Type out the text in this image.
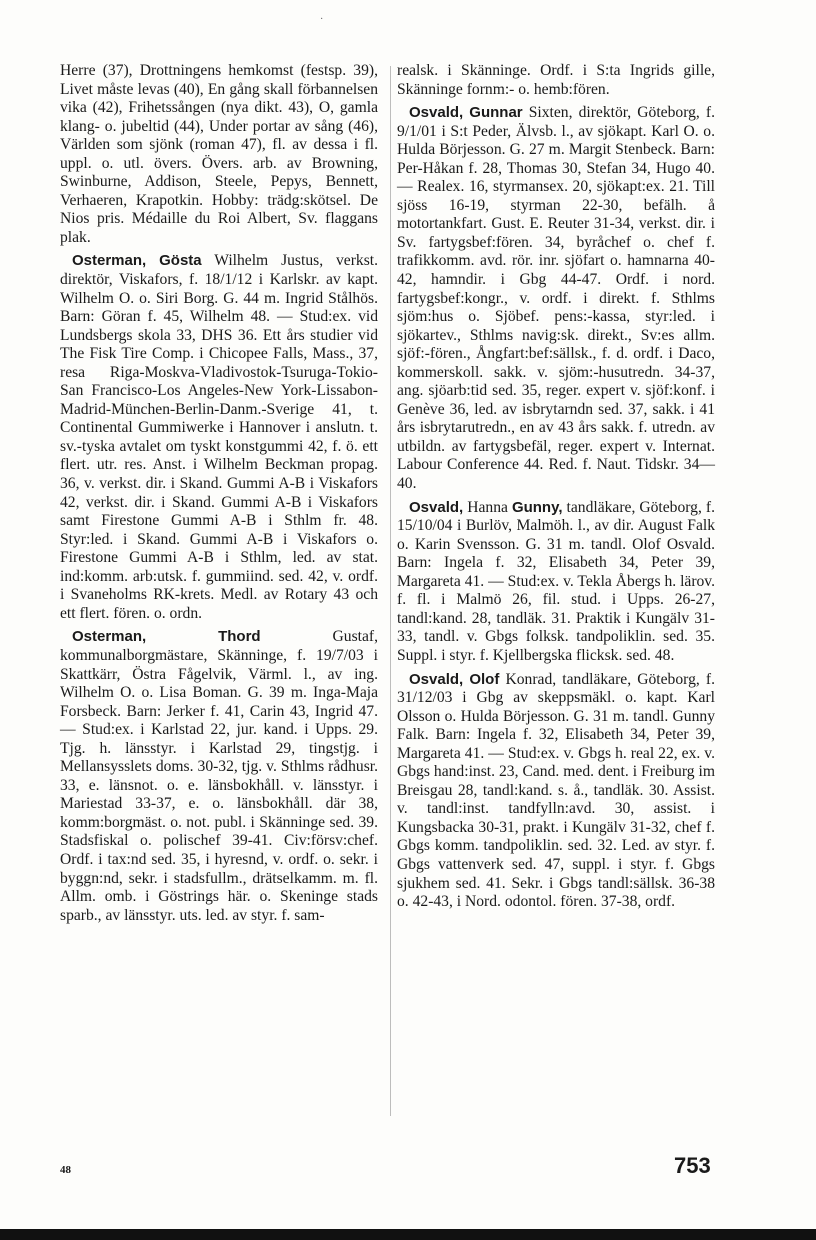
·

Herre (37), Drottningens hemkomst (festsp. 39), Livet måste levas (40), En gång skall förbannelsen vika (42), Frihetssången (nya dikt. 43), O, gamla klang- o. jubeltid (44), Under portar av sång (46), Världen som sjönk (roman 47), fl. av dessa i fl. uppl. o. utl. övers. Övers. arb. av Browning, Swinburne, Addison, Steele, Pepys, Bennett, Verhaeren, Krapotkin. Hobby: trädg:skötsel. De Nios pris. Médaille du Roi Albert, Sv. flaggans plak.

Osterman, Gösta Wilhelm Justus, verkst. direktör, Viskafors, f. 18/1/12 i Karlskr. av kapt. Wilhelm O. o. Siri Borg. G. 44 m. Ingrid Stålhös. Barn: Göran f. 45, Wilhelm 48. — Stud:ex. vid Lundsbergs skola 33, DHS 36. Ett års studier vid The Fisk Tire Comp. i Chicopee Falls, Mass., 37, resa Riga-Moskva-Vladivostok-Tsuruga-Tokio-San Francisco-Los Angeles-New York-Lissabon-Madrid-München-Berlin-Danm.-Sverige 41, t. Continental Gummiwerke i Hannover i anslutn. t. sv.-tyska avtalet om tyskt konstgummi 42, f. ö. ett flert. utr. res. Anst. i Wilhelm Beckman propag. 36, v. verkst. dir. i Skand. Gummi A-B i Viskafors 42, verkst. dir. i Skand. Gummi A-B i Viskafors samt Firestone Gummi A-B i Sthlm fr. 48. Styr:led. i Skand. Gummi A-B i Viskafors o. Firestone Gummi A-B i Sthlm, led. av stat. ind:komm. arb:utsk. f. gummiind. sed. 42, v. ordf. i Svaneholms RK-krets. Medl. av Rotary 43 och ett flert. fören. o. ordn.

Osterman,	Thord Gustaf, kommunalborgmästare, Skänninge, f. 19/7/03 i Skattkärr, Östra Fågelvik, Värml. l., av ing. Wilhelm O. o. Lisa Boman. G. 39 m. Inga-Maja Forsbeck. Barn: Jerker f. 41, Carin 43, Ingrid 47. — Stud:ex. i Karlstad 22, jur. kand. i Upps. 29. Tjg. h. länsstyr. i Karlstad 29, tingstjg. i Mellansysslets doms. 30-32, tjg. v. Sthlms rådhusr. 33, e. länsnot. o. e. länsbokhåll. v. länsstyr. i Mariestad 33-37, e. o. länsbokhåll. där 38, komm:borgmäst. o. not. publ. i Skänninge sed. 39. Stadsfiskal o. polischef 39-41. Civ:försv:chef. Ordf. i tax:nd sed. 35, i hyresnd, v. ordf. o. sekr. i byggn:nd, sekr. i stadsfullm., drätselkamm. m. fl. Allm. omb. i Göstrings här. o. Skeninge stads sparb., av länsstyr. uts. led. av styr. f. sam-

realsk. i Skänninge. Ordf. i S:ta Ingrids gille, Skänninge fornm:- o. hemb:fören.

Osvald, Gunnar Sixten, direktör, Göteborg, f. 9/1/01 i S:t Peder, Älvsb. l., av sjökapt. Karl O. o. Hulda Börjesson. G. 27 m. Margit Stenbeck. Barn: Per-Håkan f. 28, Thomas 30, Stefan 34, Hugo 40. — Realex. 16, styrmansex. 20, sjökapt:ex. 21. Till sjöss 16-19, styrman 22-30, befälh. å motortankfart. Gust. E. Reuter 31-34, verkst. dir. i Sv. fartygsbef:fören. 34, byråchef o. chef f. trafikkomm. avd. rör. inr. sjöfart o. hamnarna 40-42, hamndir. i Gbg 44-47. Ordf. i nord. fartygsbef:kongr., v. ordf. i direkt. f. Sthlms sjöm:hus o. Sjöbef. pens:-kassa, styr:led. i sjökartev., Sthlms navig:sk. direkt., Sv:es allm. sjöf:-fören., Ångfart:bef:sällsk., f. d. ordf. i Daco, kommerskoll. sakk. v. sjöm:-husutredn. 34-37, ang. sjöarb:tid sed. 35, reger. expert v. sjöf:konf. i Genève 36, led. av isbrytarndn sed. 37, sakk. i 41 års isbrytarutredn., en av 43 års sakk. f. utredn. av utbildn. av fartygsbefäl, reger. expert v. Internat. Labour Conference 44. Red. f. Naut. Tidskr. 34—40.

Osvald, Hanna Gunny, tandläkare, Göteborg, f. 15/10/04 i Burlöv, Malmöh. l., av dir. August Falk o. Karin Svensson. G. 31 m. tandl. Olof Osvald. Barn: Ingela f. 32, Elisabeth 34, Peter 39, Margareta 41. — Stud:ex. v. Tekla Åbergs h. lärov. f. fl. i Malmö 26, fil. stud. i Upps. 26-27, tandl:kand. 28, tandläk. 31. Praktik i Kungälv 31-33, tandl. v. Gbgs folksk. tandpoliklin. sed. 35. Suppl. i styr. f. Kjellbergska flicksk. sed. 48.

Osvald, Olof Konrad, tandläkare, Göteborg, f. 31/12/03 i Gbg av skeppsmäkl. o. kapt. Karl Olsson o. Hulda Börjesson. G. 31 m. tandl. Gunny Falk. Barn: Ingela f. 32, Elisabeth 34, Peter 39, Margareta 41. — Stud:ex. v. Gbgs h. real 22, ex. v. Gbgs hand:inst. 23, Cand. med. dent. i Freiburg im Breisgau 28, tandl:kand. s. å., tandläk. 30. Assist. v. tandl:inst. tandfylln:avd. 30, assist. i Kungsbacka 30-31, prakt. i Kungälv 31-32, chef f. Gbgs komm. tandpoliklin. sed. 32. Led. av styr. f. Gbgs vattenverk sed. 47, suppl. i styr. f. Gbgs sjukhem sed. 41. Sekr. i Gbgs tandl:sällsk. 36-38 o. 42-43, i Nord. odontol. fören. 37-38, ordf.

48	753
